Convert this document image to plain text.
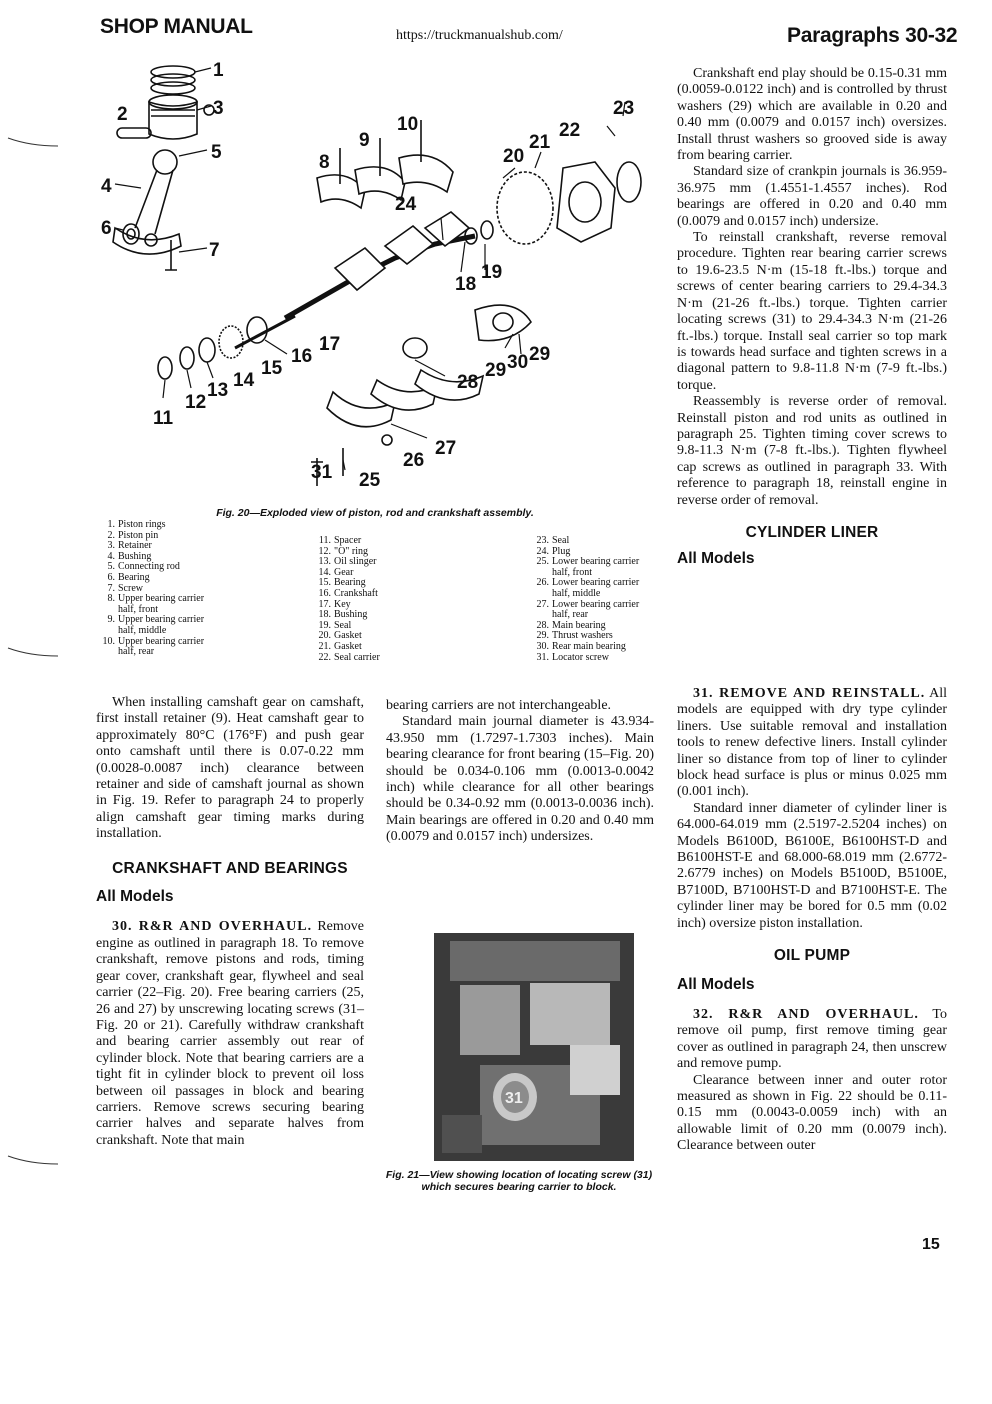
SHOP MANUAL	https://truckmanualshub.com/	Paragraphs 30-32
1
2	3
4
5
6
7
8
9
10
11
12
13 14
15
16
17
18
19
20
21
22
23
24
25
26
27
28
29 30 29
31
Fig. 20—Exploded view of piston, rod and crankshaft assembly.
1. Piston rings
2. Piston pin
3. Retainer
4. Bushing
5. Connecting rod
6. Bearing
7. Screw
8. Upper bearing carrier
half, front
9. Upper bearing carrier
half, middle
10. Upper bearing carrier
half, rear
11. Spacer
12. "O" ring
13. Oil slinger
14. Gear
15. Bearing
16. Crankshaft
17. Key
18. Bushing
19. Seal
20. Gasket
21. Gasket
22. Seal carrier
23. Seal
24. Plug
25. Lower bearing carrier
half, front
26. Lower bearing carrier
half, middle
27. Lower bearing carrier
half, rear
28. Main bearing
29. Thrust washers
30. Rear main bearing
31. Locator screw

Crankshaft end play should be 0.15-0.31 mm (0.0059-0.0122 inch) and is controlled by thrust washers (29) which are available in 0.20 and 0.40 mm (0.0079 and 0.0157 inch) oversizes. Install thrust washers so grooved side is away from bearing carrier.

Standard size of crankpin journals is 36.959-36.975 mm (1.4551-1.4557 inches). Rod bearings are offered in 0.20 and 0.40 mm (0.0079 and 0.0157 inch) undersize.

To reinstall crankshaft, reverse removal procedure. Tighten rear bearing carrier screws to 19.6-23.5 N·m (15-18 ft.-lbs.) torque and screws of center bearing carriers to 29.4-34.3 N·m (21-26 ft.-lbs.) torque. Tighten carrier locating screws (31) to 29.4-34.3 N·m (21-26 ft.-lbs.) torque. Install seal carrier so top mark is towards head surface and tighten screws in a diagonal pattern to 9.8-11.8 N·m (7-9 ft.-lbs.) torque.

Reassembly is reverse order of removal. Reinstall piston and rod units as outlined in paragraph 25. Tighten timing cover screws to 9.8-11.3 N·m (7-8 ft.-lbs.). Tighten flywheel cap screws as outlined in paragraph 33. With reference to paragraph 18, reinstall engine in reverse order of removal.

CYLINDER LINER
All Models

When installing camshaft gear on camshaft, first install retainer (9). Heat camshaft gear to approximately 80°C (176°F) and push gear onto camshaft until there is 0.07-0.22 mm (0.0028-0.0087 inch) clearance between retainer and side of camshaft journal as shown in Fig. 19. Refer to paragraph 24 to properly align camshaft gear timing marks during installation.

CRANKSHAFT AND BEARINGS
All Models

30. R&R AND OVERHAUL. Remove engine as outlined in paragraph 18. To remove crankshaft, remove pistons and rods, timing gear cover, crankshaft gear, flywheel and seal carrier (22–Fig. 20). Free bearing carriers (25, 26 and 27) by unscrewing locating screws (31–Fig. 20 or 21). Carefully withdraw crankshaft and bearing carrier assembly out rear of cylinder block. Note that bearing carriers are a tight fit in cylinder block to prevent oil loss between oil passages in block and bearing carriers. Remove screws securing bearing carrier halves and separate halves from crankshaft. Note that main

bearing carriers are not interchangeable.

Standard main journal diameter is 43.934-43.950 mm (1.7297-1.7303 inches). Main bearing clearance for front bearing (15–Fig. 20) should be 0.034-0.106 mm (0.0013-0.0042 inch) while clearance for all other bearings should be 0.34-0.92 mm (0.0013-0.0036 inch). Main bearings are offered in 0.20 and 0.40 mm (0.0079 and 0.0157 inch) undersizes.

31
Fig. 21—View showing location of locating screw (31) which secures bearing carrier to block.

31. REMOVE AND REINSTALL. All models are equipped with dry type cylinder liners. Use suitable removal and installation tools to renew defective liners. Install cylinder liner so distance from top of liner to cylinder block head surface is plus or minus 0.025 mm (0.001 inch).

Standard inner diameter of cylinder liner is 64.000-64.019 mm (2.5197-2.5204 inches) on Models B6100D, B6100E, B6100HST-D and B6100HST-E and 68.000-68.019 mm (2.6772-2.6779 inches) on Models B5100D, B5100E, B7100D, B7100HST-D and B7100HST-E. The cylinder liner may be bored for 0.5 mm (0.02 inch) oversize piston installation.

OIL PUMP
All Models

32. R&R AND OVERHAUL. To remove oil pump, first remove timing gear cover as outlined in paragraph 24, then unscrew and remove pump.

Clearance between inner and outer rotor measured as shown in Fig. 22 should be 0.11-0.15 mm (0.0043-0.0059 inch) with an allowable limit of 0.20 mm (0.0079 inch). Clearance between outer

15
